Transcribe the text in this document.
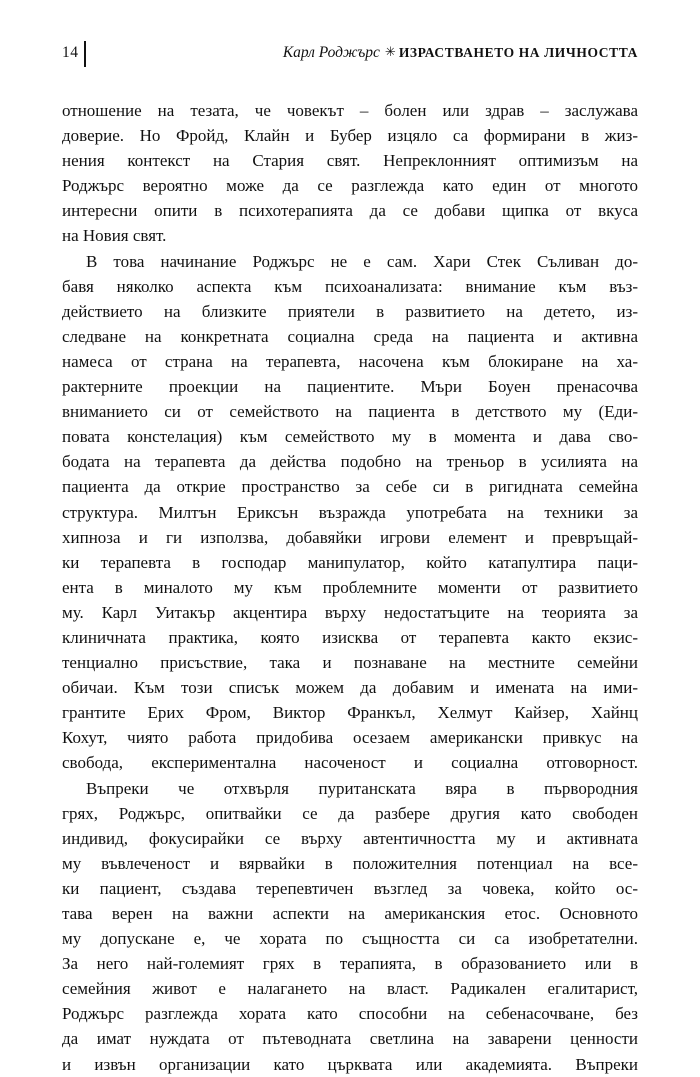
14	Карл Роджърс ✳ ИЗРАСТВАНЕТО НА ЛИЧНОСТТА
отношение на тезата, че човекът – болен или здрав – заслужава
доверие. Но Фройд, Клайн и Бубер изцяло са формирани в жиз-
нения контекст на Стария свят. Непреклонният оптимизъм на
Роджърс вероятно може да се разглежда като един от многото
интересни опити в психотерапията да се добави щипка от вкуса
на Новия свят.
В това начинание Роджърс не е сам. Хари Стек Съливан до-
бавя няколко аспекта към психоанализата: внимание към въз-
действието на близките приятели в развитието на детето, из-
следване на конкретната социална среда на пациента и активна
намеса от страна на терапевта, насочена към блокиране на ха-
рактерните проекции на пациентите. Мъри Боуен пренасочва
вниманието си от семейството на пациента в детството му (Еди-
повата констелация) към семейството му в момента и дава сво-
бодата на терапевта да действа подобно на треньор в усилията на
пациента да открие пространство за себе си в ригидната семейна
структура. Милтън Ериксън възражда употребата на техники за
хипноза и ги използва, добавяйки игрови елемент и превръщай-
ки терапевта в господар манипулатор, който катапултира паци-
ента в миналото му към проблемните моменти от развитието
му. Карл Уитакър акцентира върху недостатъците на теорията за
клиничната практика, която изисква от терапевта както екзис-
тенциално присъствие, така и познаване на местните семейни
обичаи. Към този списък можем да добавим и имената на ими-
грантите Ерих Фром, Виктор Франкъл, Хелмут Кайзер, Хайнц
Кохут, чиято работа придобива осезаем американски привкус на
свобода, експериментална насоченост и социална отговорност.
Въпреки че отхвърля пуританската вяра в първородния
грях, Роджърс, опитвайки се да разбере другия като свободен
индивид, фокусирайки се върху автентичността му и активната
му въвлеченост и вярвайки в положителния потенциал на все-
ки пациент, създава терепевтичен възглед за човека, който ос-
тава верен на важни аспекти на американския етос. Основното
му допускане е, че хората по същността си са изобретателни.
За него най-големият грях в терапията, в образованието или в
семейния живот е налагането на власт. Радикален егалитарист,
Роджърс разглежда хората като способни на себенасочване, без
да имат нуждата от пътеводната светлина на заварени ценности
и извън организации като църквата или академията. Въпреки
